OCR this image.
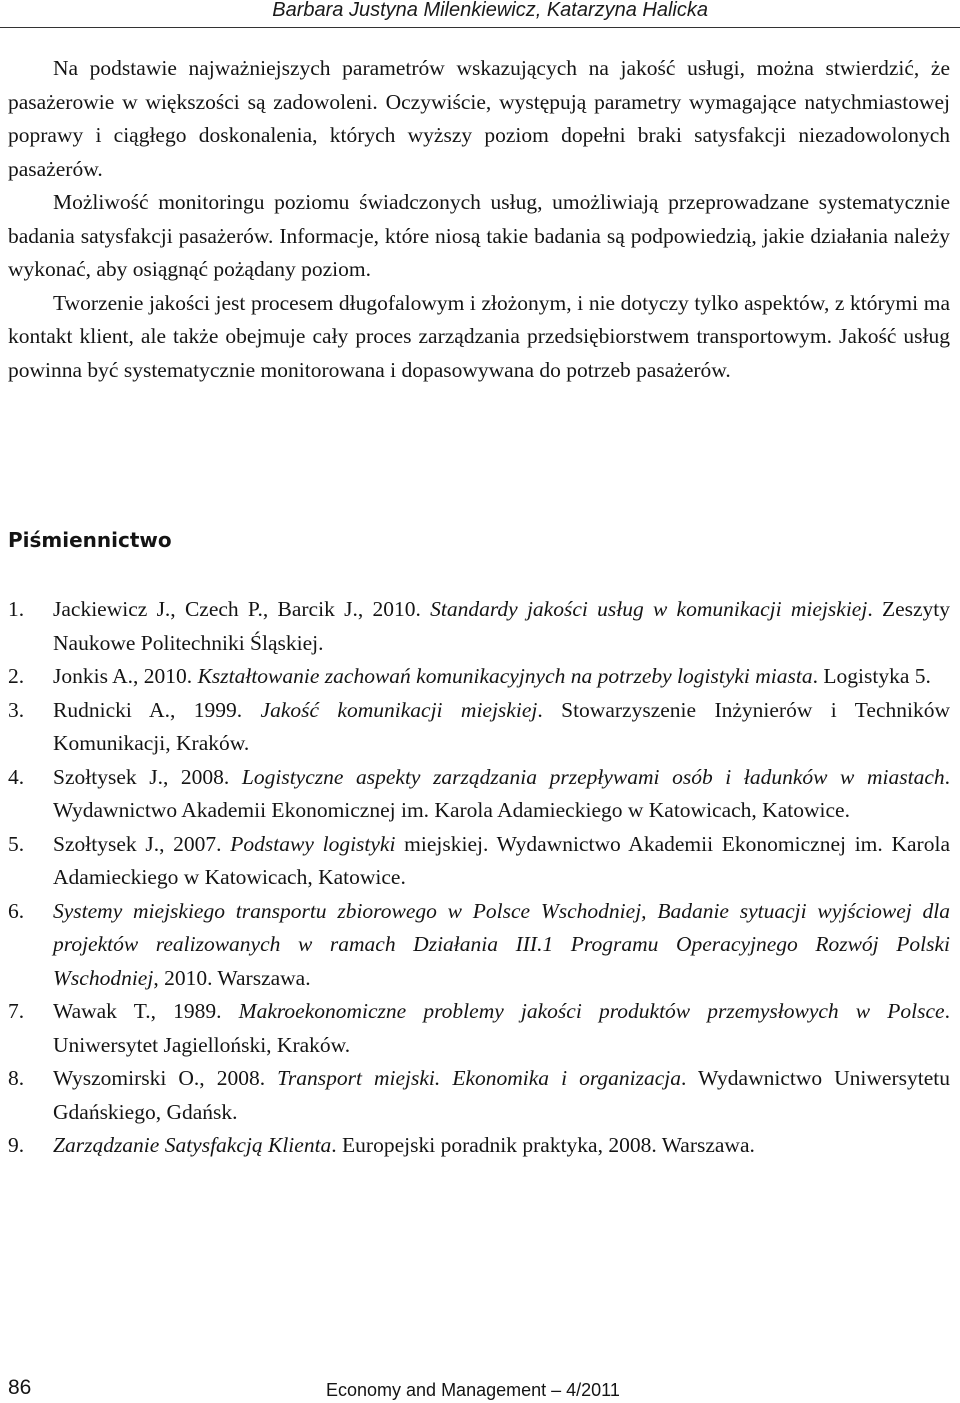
Barbara Justyna Milenkiewicz, Katarzyna Halicka

Na podstawie najważniejszych parametrów wskazujących na jakość usługi, można stwierdzić, że pasażerowie w większości są zadowoleni. Oczywiście, występują parametry wymagające natychmiastowej poprawy i ciągłego doskonalenia, których wyższy poziom dopełni braki satysfakcji niezadowolonych pasażerów.

Możliwość monitoringu poziomu świadczonych usług, umożliwiają przeprowadzane systematycznie badania satysfakcji pasażerów. Informacje, które niosą takie badania są podpowiedzią, jakie działania należy wykonać, aby osiągnąć pożądany poziom.

Tworzenie jakości jest procesem długofalowym i złożonym, i nie dotyczy tylko aspektów, z którymi ma kontakt klient, ale także obejmuje cały proces zarządzania przedsiębiorstwem transportowym. Jakość usług powinna być systematycznie monitorowana i dopasowywana do potrzeb pasażerów.

Piśmiennictwo
1. Jackiewicz J., Czech P., Barcik J., 2010. Standardy jakości usług w komunikacji miejskiej. Zeszyty Naukowe Politechniki Śląskiej.
2. Jonkis A., 2010. Kształtowanie zachowań komunikacyjnych na potrzeby logistyki miasta. Logistyka 5.
3. Rudnicki A., 1999. Jakość komunikacji miejskiej. Stowarzyszenie Inżynierów i Techników Komunikacji, Kraków.
4. Szołtysek J., 2008. Logistyczne aspekty zarządzania przepływami osób i ładunków w miastach. Wydawnictwo Akademii Ekonomicznej im. Karola Adamieckiego w Katowicach, Katowice.
5. Szołtysek J., 2007. Podstawy logistyki miejskiej. Wydawnictwo Akademii Ekonomicznej im. Karola Adamieckiego w Katowicach, Katowice.
6. Systemy miejskiego transportu zbiorowego w Polsce Wschodniej, Badanie sytuacji wyjściowej dla projektów realizowanych w ramach Działania III.1 Programu Operacyjnego Rozwój Polski Wschodniej, 2010. Warszawa.
7. Wawak T., 1989. Makroekonomiczne problemy jakości produktów przemysłowych w Polsce. Uniwersytet Jagielloński, Kraków.
8. Wyszomirski O., 2008. Transport miejski. Ekonomika i organizacja. Wydawnictwo Uniwersytetu Gdańskiego, Gdańsk.
9. Zarządzanie Satysfakcją Klienta. Europejski poradnik praktyka, 2008. Warszawa.
86	Economy and Management – 4/2011
